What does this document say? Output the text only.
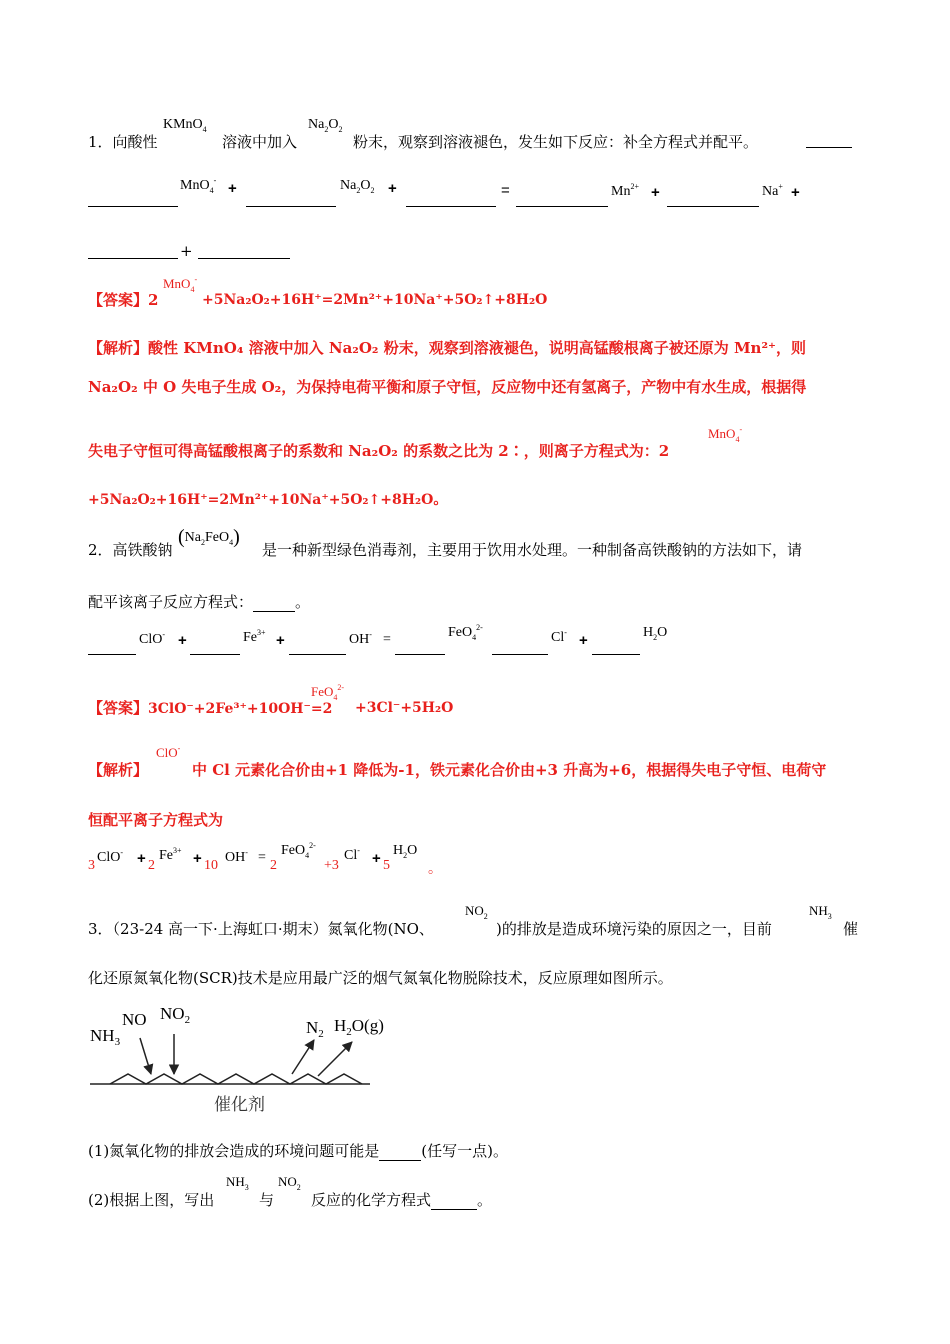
1．向酸性
KMnO$_4$
溶液中加入
$Na_2O_2$
粉末，观察到溶液褪色，发生如下反应：补全方程式并配平。
MnO$_4$- +	$Na_2O_2$ +	=	$Mn^{2+}$ +	Na+ +
+
【答案】2
MnO$_4$-
+5Na₂O₂+16H⁺=2Mn²⁺+10Na⁺+5O₂↑+8H₂O
【解析】酸性 KMnO₄ 溶液中加入 Na₂O₂ 粉末，观察到溶液褪色，说明高锰酸根离子被还原为 Mn²⁺，则
Na₂O₂ 中 O 失电子生成 O₂，为保持电荷平衡和原子守恒，反应物中还有氢离子，产物中有水生成，根据得
失电子守恒可得高锰酸根离子的系数和 Na₂O₂ 的系数之比为 2∶，则离子方程式为：2
MnO$_4$-
+5Na₂O₂+16H⁺=2Mn²⁺+10Na⁺+5O₂↑+8H₂O。
2．高铁酸钠
$(Na_2FeO_4)$
是一种新型绿色消毒剂，主要用于饮用水处理。一种制备高铁酸钠的方法如下，请
配平该离子反应方程式：	。
ClO- +	$Fe^{3+}$ +	OH- =	FeO$_4^{2-}$
Cl- +	$H_2O$
【答案】3ClO⁻+2Fe³⁺+10OH⁻=2
FeO$_4^{2-}$
+3Cl⁻+5H₂O
【解析】
ClO-
中 Cl 元素化合价由+1 降低为-1，铁元素化合价由+3 升高为+6，根据得失电子守恒、电荷守
恒配平离子方程式为
3
ClO- + 2
$Fe^{3+} + 10$
OH- =
2
FeO$_4^{2-}$
+3
Cl- + 5
$H_2O$
。
3．（23-24 高一下·上海虹口·期末）氮氧化物(NO、
$NO_2$
)的排放是造成环境污染的原因之一，目前
$NH_3$
催
化还原氮氧化物(SCR)技术是应用最广泛的烟气氮氧化物脱除技术，反应原理如图所示。
$NH_3$
NO $NO_2$	$N_2$ $H_2O(g)$
催化剂
(1)氮氧化物的排放会造成的环境问题可能是	(任写一点)。
(2)根据上图，写出
$NH_3$
与
$NO_2$
反应的化学方程式	。
